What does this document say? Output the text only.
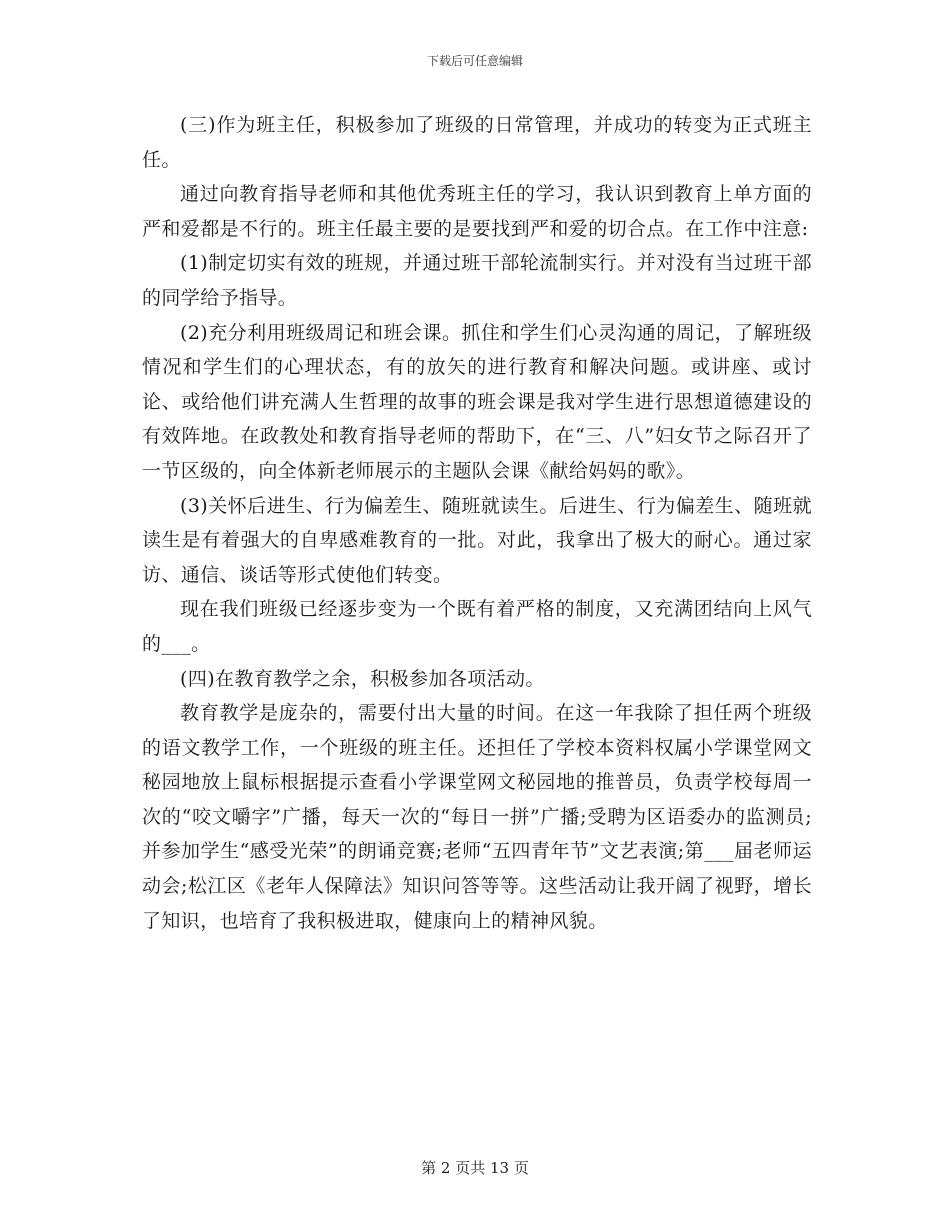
下载后可任意编辑

(三)作为班主任，积极参加了班级的日常管理，并成功的转变为正式班主任。

通过向教育指导老师和其他优秀班主任的学习，我认识到教育上单方面的严和爱都是不行的。班主任最主要的是要找到严和爱的切合点。在工作中注意:

(1)制定切实有效的班规，并通过班干部轮流制实行。并对没有当过班干部的同学给予指导。

(2)充分利用班级周记和班会课。抓住和学生们心灵沟通的周记，了解班级情况和学生们的心理状态，有的放矢的进行教育和解决问题。或讲座、或讨论、或给他们讲充满人生哲理的故事的班会课是我对学生进行思想道德建设的有效阵地。在政教处和教育指导老师的帮助下，在“三、八”妇女节之际召开了一节区级的，向全体新老师展示的主题队会课《献给妈妈的歌》。

(3)关怀后进生、行为偏差生、随班就读生。后进生、行为偏差生、随班就读生是有着强大的自卑感难教育的一批。对此，我拿出了极大的耐心。通过家访、通信、谈话等形式使他们转变。

现在我们班级已经逐步变为一个既有着严格的制度，又充满团结向上风气的___。

(四)在教育教学之余，积极参加各项活动。

教育教学是庞杂的，需要付出大量的时间。在这一年我除了担任两个班级的语文教学工作，一个班级的班主任。还担任了学校本资料权属小学课堂网文秘园地放上鼠标根据提示查看小学课堂网文秘园地的推普员，负责学校每周一次的“咬文嚼字”广播，每天一次的“每日一拼”广播;受聘为区语委办的监测员;并参加学生“感受光荣”的朗诵竞赛;老师“五四青年节”文艺表演;第___届老师运动会;松江区《老年人保障法》知识问答等等。这些活动让我开阔了视野，增长了知识，也培育了我积极进取，健康向上的精神风貌。

第 2 页共 13 页
